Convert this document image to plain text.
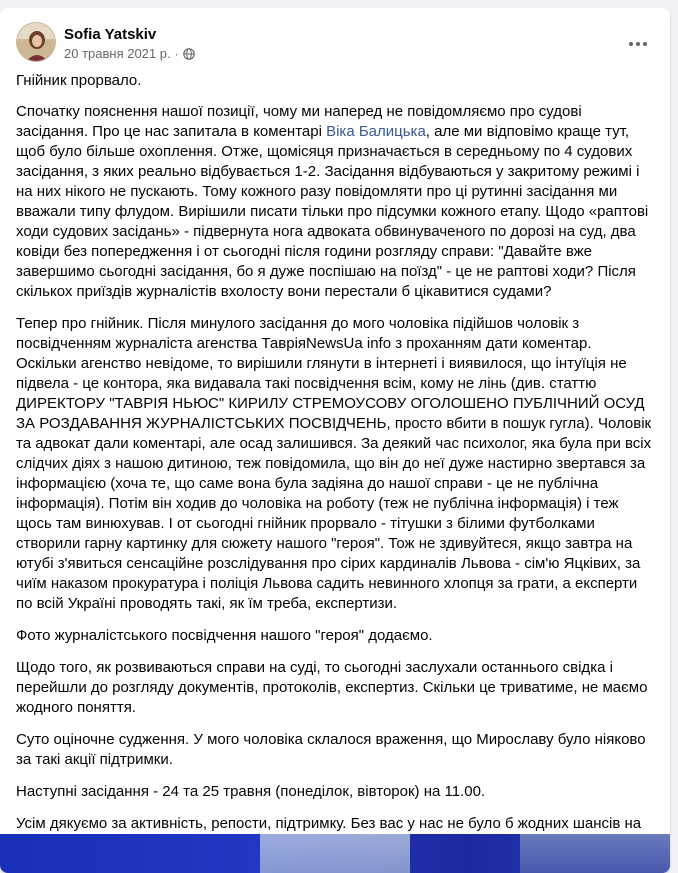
Sofia Yatskiv
20 травня 2021 р. ·

Гнійник прорвало.

Спочатку пояснення нашої позиції, чому ми наперед не повідомляємо про судові засідання. Про це нас запитала в коментарі Віка Балицька, але ми відповімо краще тут, щоб було більше охоплення. Отже, щомісяця призначається в середньому по 4 судових засідання, з яких реально відбувається 1-2. Засідання відбуваються у закритому режимі і на них нікого не пускають. Тому кожного разу повідомляти про ці рутинні засідання ми вважали типу флудом. Вирішили писати тільки про підсумки кожного етапу. Щодо «раптові ходи судових засідань» - підвернута нога адвоката обвинуваченого по дорозі на суд, два ковіди без попередження і от сьогодні після години розгляду справи: "Давайте вже завершимо сьогодні засідання, бо я дуже поспішаю на поїзд" - це не раптові ходи? Після скількох приїздів журналістів вхолосту вони перестали б цікавитися судами?

Тепер про гнійник. Після минулого засідання до мого чоловіка підійшов чоловік з посвідченням журналіста агенства ТавріяNewsUa info з проханням дати коментар. Оскільки агенство невідоме, то вирішили глянути в інтернеті і виявилося, що інтуїція не підвела - це контора, яка видавала такі посвідчення всім, кому не лінь (див. статтю ДИРЕКТОРУ "ТАВРІЯ НЬЮС" КИРИЛУ СТРЕМОУСОВУ ОГОЛОШЕНО ПУБЛІЧНИЙ ОСУД ЗА РОЗДАВАННЯ ЖУРНАЛІСТСЬКИХ ПОСВІДЧЕНЬ, просто вбити в пошук гугла). Чоловік та адвокат дали коментарі, але осад залишився. За деякий час психолог, яка була при всіх слідчих діях з нашою дитиною, теж повідомила, що він до неї дуже настирно звертався за інформацією (хоча те, що саме вона була задіяна до нашої справи - це не публічна інформація). Потім він ходив до чоловіка на роботу (теж не публічна інформація) і теж щось там винюхував. І от сьогодні гнійник прорвало - тітушки з білими футболками створили гарну картинку для сюжету нашого "героя". Тож не здивуйтеся, якщо завтра на ютубі з'явиться сенсаційне розслідування про сірих кардиналів Львова - сім'ю Яцківих, за чиїм наказом прокуратура і поліція Львова садить невинного хлопця за грати, а експерти по всій Україні проводять такі, як їм треба, експертизи.

Фото журналістського посвідчення нашого "героя" додаємо.

Щодо того, як розвиваються справи на суді, то сьогодні заслухали останнього свідка і перейшли до розгляду документів, протоколів, експертиз. Скільки це триватиме, не маємо жодного поняття.

Суто оціночне судження. У мого чоловіка склалося враження, що Мирославу було ніяково за такі акції підтримки.

Наступні засідання - 24 та 25 травня (понеділок, вівторок) на 11.00.

Усім дякуємо за активність, репости, підтримку. Без вас у нас не було б жодних шансів на
